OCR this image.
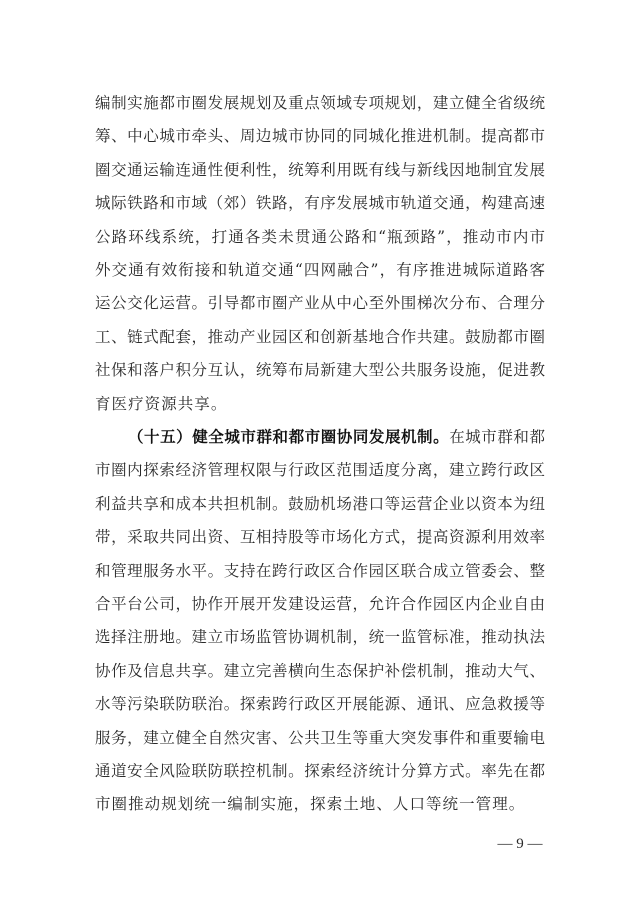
编制实施都市圈发展规划及重点领域专项规划，建立健全省级统
筹、中心城市牵头、周边城市协同的同城化推进机制。提高都市
圈交通运输连通性便利性，统筹利用既有线与新线因地制宜发展
城际铁路和市域（郊）铁路，有序发展城市轨道交通，构建高速
公路环线系统，打通各类未贯通公路和“瓶颈路”，推动市内市
外交通有效衔接和轨道交通“四网融合”，有序推进城际道路客
运公交化运营。引导都市圈产业从中心至外围梯次分布、合理分
工、链式配套，推动产业园区和创新基地合作共建。鼓励都市圈
社保和落户积分互认，统筹布局新建大型公共服务设施，促进教
育医疗资源共享。
（十五）健全城市群和都市圈协同发展机制。在城市群和都
市圈内探索经济管理权限与行政区范围适度分离，建立跨行政区
利益共享和成本共担机制。鼓励机场港口等运营企业以资本为纽
带，采取共同出资、互相持股等市场化方式，提高资源利用效率
和管理服务水平。支持在跨行政区合作园区联合成立管委会、整
合平台公司，协作开展开发建设运营，允许合作园区内企业自由
选择注册地。建立市场监管协调机制，统一监管标准，推动执法
协作及信息共享。建立完善横向生态保护补偿机制，推动大气、
水等污染联防联治。探索跨行政区开展能源、通讯、应急救援等
服务，建立健全自然灾害、公共卫生等重大突发事件和重要输电
通道安全风险联防联控机制。探索经济统计分算方式。率先在都
市圈推动规划统一编制实施，探索土地、人口等统一管理。
— 9 —
